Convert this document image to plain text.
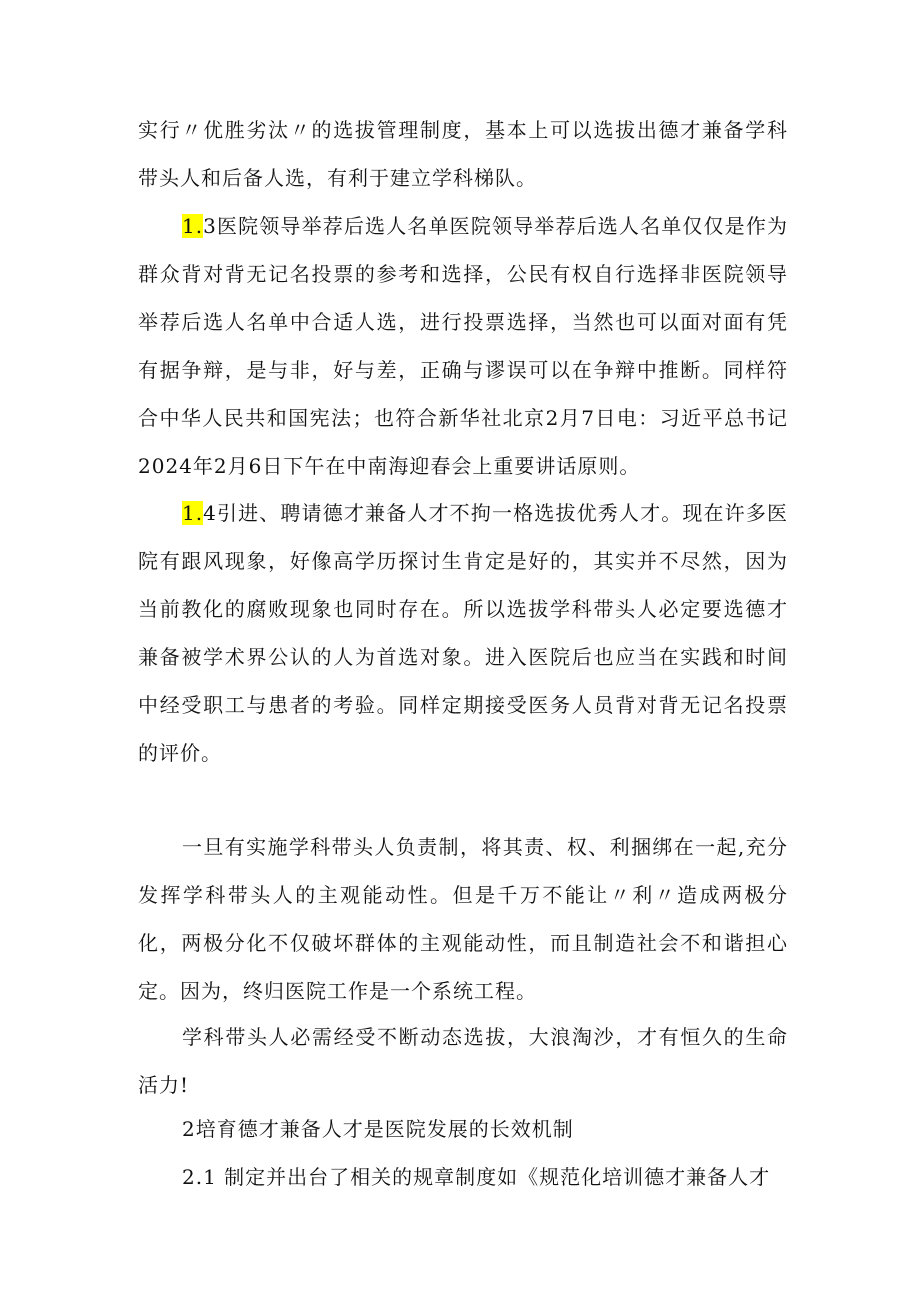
实行〃优胜劣汰〃的选拔管理制度，基本上可以选拔出德才兼备学科带头人和后备人选，有利于建立学科梯队。

1.3医院领导举荐后选人名单医院领导举荐后选人名单仅仅是作为群众背对背无记名投票的参考和选择，公民有权自行选择非医院领导举荐后选人名单中合适人选，进行投票选择，当然也可以面对面有凭有据争辩，是与非，好与差，正确与谬误可以在争辩中推断。同样符合中华人民共和国宪法；也符合新华社北京2月7日电：习近平总书记2024年2月6日下午在中南海迎春会上重要讲话原则。

1.4引进、聘请德才兼备人才不拘一格选拔优秀人才。现在许多医院有跟风现象，好像高学历探讨生肯定是好的，其实并不尽然，因为当前教化的腐败现象也同时存在。所以选拔学科带头人必定要选德才兼备被学术界公认的人为首选对象。进入医院后也应当在实践和时间中经受职工与患者的考验。同样定期接受医务人员背对背无记名投票的评价。

一旦有实施学科带头人负责制，将其责、权、利捆绑在一起,充分发挥学科带头人的主观能动性。但是千万不能让〃利〃造成两极分化，两极分化不仅破坏群体的主观能动性，而且制造社会不和谐担心定。因为，终归医院工作是一个系统工程。

学科带头人必需经受不断动态选拔，大浪淘沙，才有恒久的生命活力!

2培育德才兼备人才是医院发展的长效机制

2.1 制定并出台了相关的规章制度如《规范化培训德才兼备人才
